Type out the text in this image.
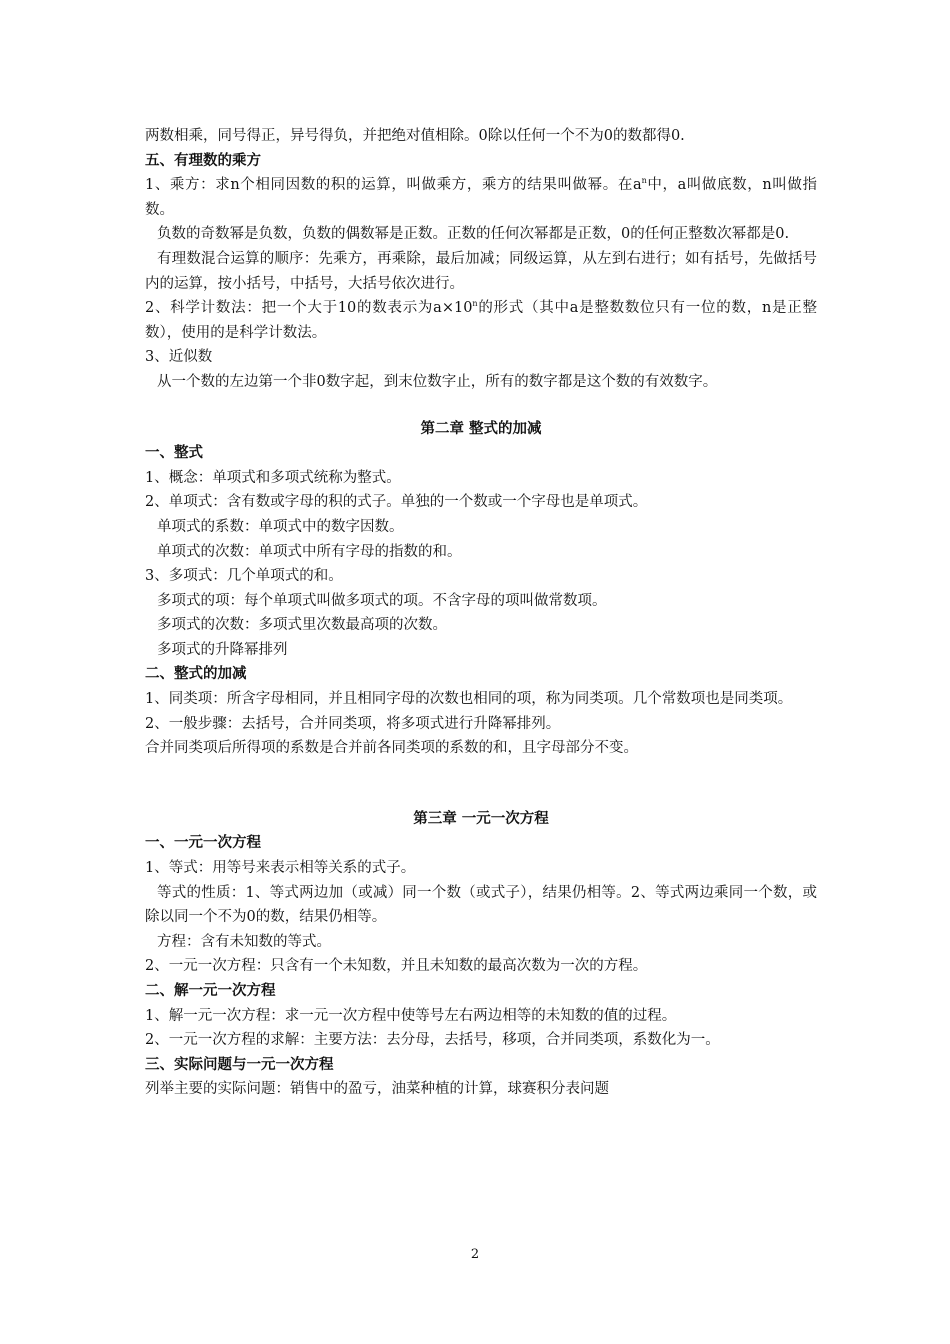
两数相乘，同号得正，异号得负，并把绝对值相除。0除以任何一个不为0的数都得0.

五、有理数的乘方

1、乘方：求n个相同因数的积的运算，叫做乘方，乘方的结果叫做幂。在$a^n$中，a叫做底数，n叫做指数。

负数的奇数幂是负数，负数的偶数幂是正数。正数的任何次幂都是正数，0的任何正整数次幂都是0.

有理数混合运算的顺序：先乘方，再乘除，最后加减；同级运算，从左到右进行；如有括号，先做括号内的运算，按小括号，中括号，大括号依次进行。

2、科学计数法：把一个大于10的数表示为$a\times 10^n$的形式（其中a是整数数位只有一位的数，n是正整数），使用的是科学计数法。

3、近似数

从一个数的左边第一个非0数字起，到末位数字止，所有的数字都是这个数的有效数字。

第二章 整式的加减

一、整式

1、概念：单项式和多项式统称为整式。

2、单项式：含有数或字母的积的式子。单独的一个数或一个字母也是单项式。

单项式的系数：单项式中的数字因数。

单项式的次数：单项式中所有字母的指数的和。

3、多项式：几个单项式的和。

多项式的项：每个单项式叫做多项式的项。不含字母的项叫做常数项。

多项式的次数：多项式里次数最高项的次数。

多项式的升降幂排列

二、整式的加减

1、同类项：所含字母相同，并且相同字母的次数也相同的项，称为同类项。几个常数项也是同类项。

2、一般步骤：去括号，合并同类项，将多项式进行升降幂排列。

合并同类项后所得项的系数是合并前各同类项的系数的和，且字母部分不变。

第三章 一元一次方程

一、一元一次方程

1、等式：用等号来表示相等关系的式子。

等式的性质：1、等式两边加（或减）同一个数（或式子），结果仍相等。2、等式两边乘同一个数，或除以同一个不为0的数，结果仍相等。

方程：含有未知数的等式。

2、一元一次方程：只含有一个未知数，并且未知数的最高次数为一次的方程。

二、解一元一次方程

1、解一元一次方程：求一元一次方程中使等号左右两边相等的未知数的值的过程。

2、一元一次方程的求解：主要方法：去分母，去括号，移项，合并同类项，系数化为一。

三、实际问题与一元一次方程

列举主要的实际问题：销售中的盈亏，油菜种植的计算，球赛积分表问题

2
